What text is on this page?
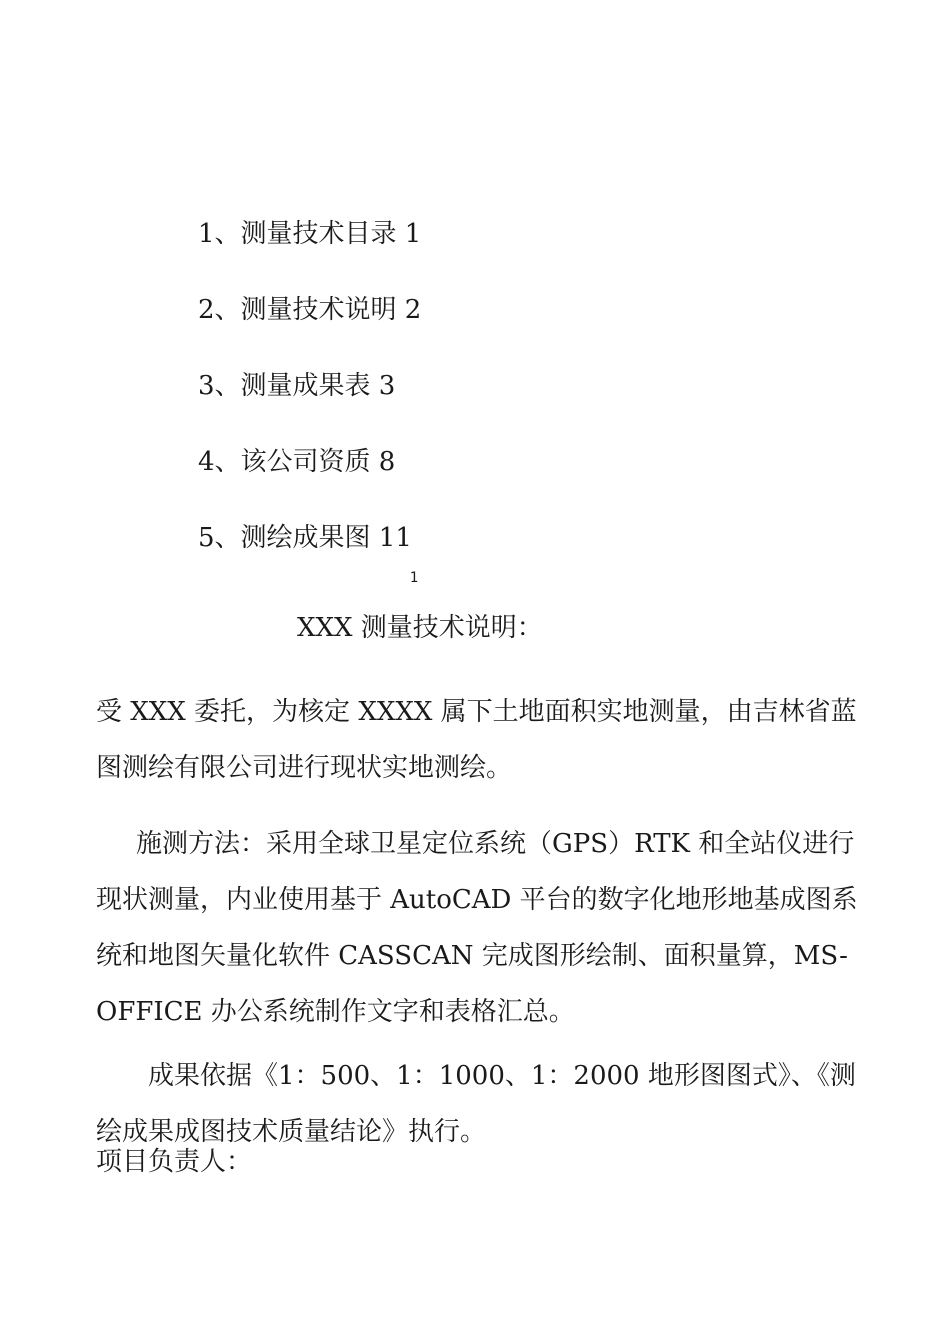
1、测量技术目录 1
2、测量技术说明 2
3、测量成果表 3
4、该公司资质 8
5、测绘成果图 11
1
XXX 测量技术说明：

受 XXX 委托，为核定 XXXX 属下土地面积实地测量，由吉林省蓝图测绘有限公司进行现状实地测绘。

施测方法：采用全球卫星定位系统（GPS）RTK 和全站仪进行现状测量，内业使用基于 AutoCAD 平台的数字化地形地基成图系统和地图矢量化软件 CASSCAN 完成图形绘制、面积量算，MS-OFFICE 办公系统制作文字和表格汇总。

成果依据《1：500、1：1000、1：2000 地形图图式》、《测绘成果成图技术质量结论》执行。

项目负责人：
